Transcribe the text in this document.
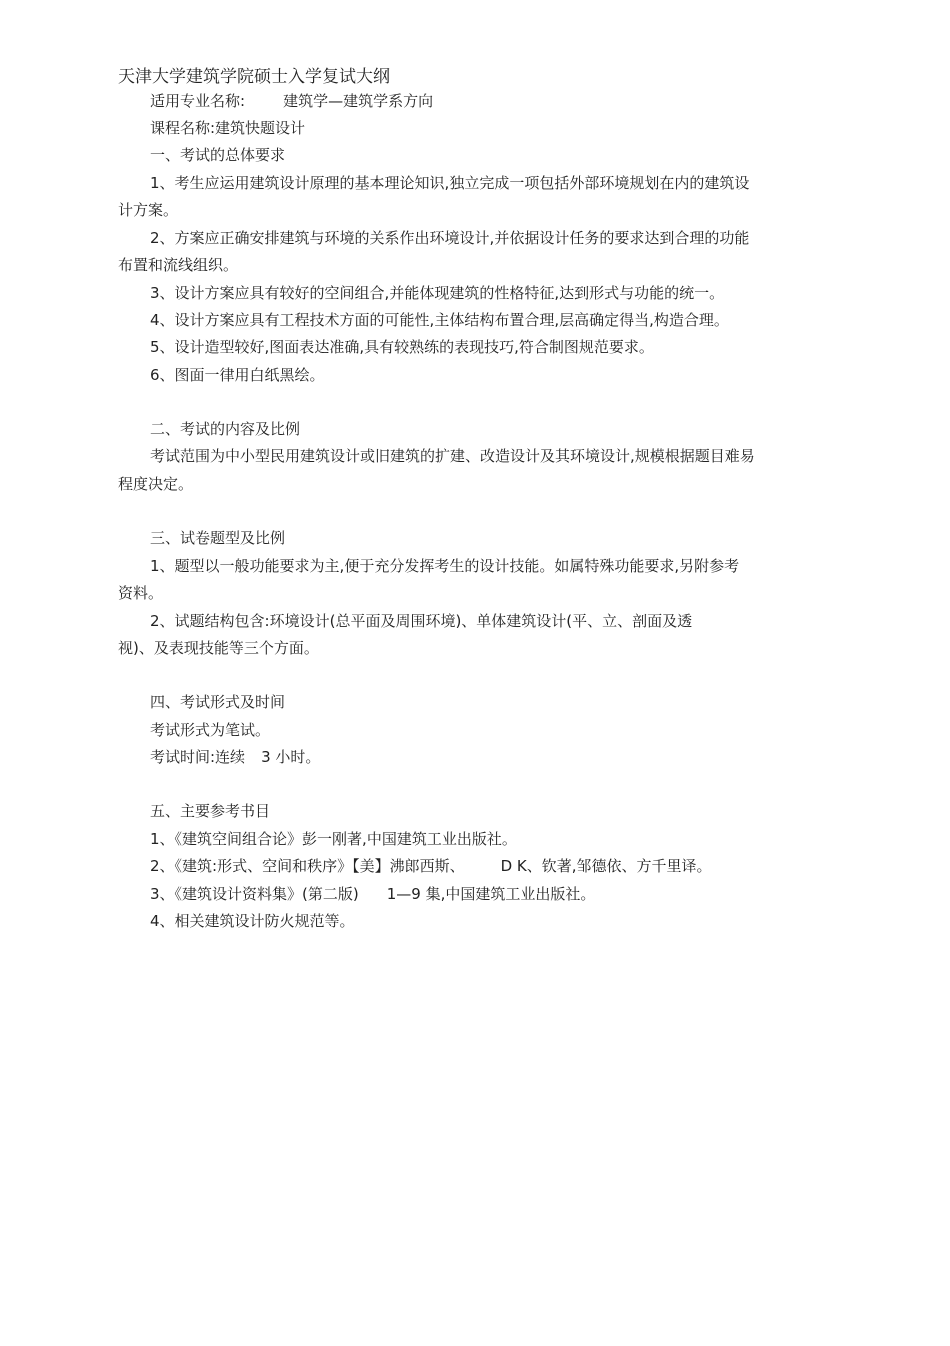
天津大学建筑学院硕士入学复试大纲
适用专业名称:	建筑学—建筑学系方向
课程名称:建筑快题设计
一、考试的总体要求
1、考生应运用建筑设计原理的基本理论知识,独立完成一项包括外部环境规划在内的建筑设
计方案。
2、方案应正确安排建筑与环境的关系作出环境设计,并依据设计任务的要求达到合理的功能
布置和流线组织。
3、设计方案应具有较好的空间组合,并能体现建筑的性格特征,达到形式与功能的统一。
4、设计方案应具有工程技术方面的可能性,主体结构布置合理,层高确定得当,构造合理。
5、设计造型较好,图面表达准确,具有较熟练的表现技巧,符合制图规范要求。
6、图面一律用白纸黑绘。
二、考试的内容及比例
考试范围为中小型民用建筑设计或旧建筑的扩建、改造设计及其环境设计,规模根据题目难易
程度决定。
三、试卷题型及比例
1、题型以一般功能要求为主,便于充分发挥考生的设计技能。如属特殊功能要求,另附参考
资料。
2、试题结构包含:环境设计(总平面及周围环境)、单体建筑设计(平、立、剖面及透
视)、及表现技能等三个方面。
四、考试形式及时间
考试形式为笔试。
考试时间:连续 3 小时。
五、主要参考书目
1、《建筑空间组合论》彭一刚著,中国建筑工业出版社。
2、《建筑:形式、空间和秩序》【美】沸郎西斯、 D K、钦著,邹德依、方千里译。
3、《建筑设计资料集》(第二版) 1—9 集,中国建筑工业出版社。
4、相关建筑设计防火规范等。
